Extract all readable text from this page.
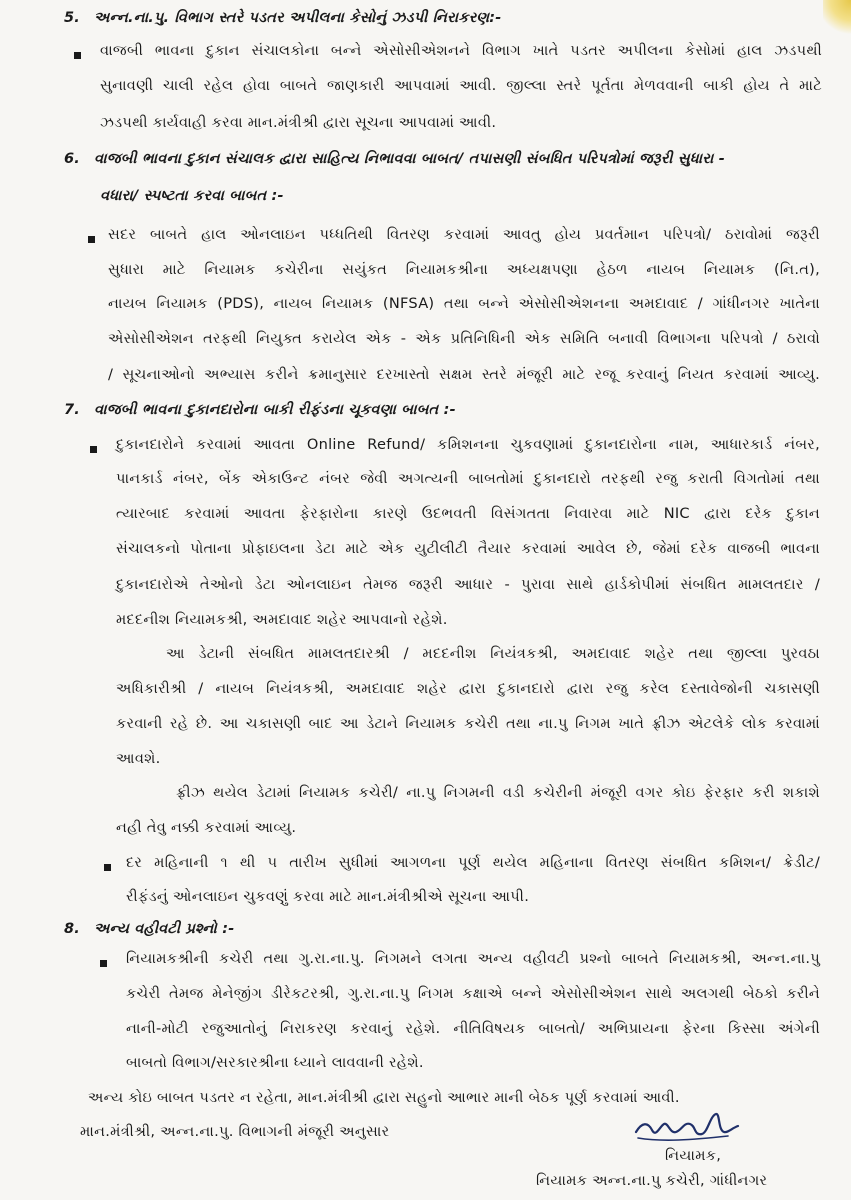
5. અન્ન.ના.પુ. વિભાગ સ્તરે પડતર અપીલના કેસોનું ઝડપી નિરાકરણ:-
વાજબી ભાવના દુકાન સંચાલકોના બન્ને એસોસીએશનને વિભાગ ખાતે પડતર અપીલના કેસોમાં હાલ ઝડપથી
સુનાવણી ચાલી રહેલ હોવા બાબતે જાણકારી આપવામાં આવી. જીલ્લા સ્તરે પૂર્તતા મેળવવાની બાકી હોય તે માટે
ઝડપથી કાર્યવાહી કરવા માન.મંત્રીશ્રી દ્વારા સૂચના આપવામાં આવી.
6. વાજબી ભાવના દુકાન સંચાલક દ્વારા સાહિત્ય નિભાવવા બાબત/ તપાસણી સંબધિત પરિપત્રોમાં જરૂરી સુધારા -
વધારા/ સ્પષ્ટતા કરવા બાબત :-
સદર બાબતે હાલ ઓનલાઇન પધ્ધતિથી વિતરણ કરવામાં આવતુ હોય પ્રવર્તમાન પરિપત્રો/ ઠરાવોમાં જરૂરી
સુધારા માટે નિયામક કચેરીના સયુંકત નિયામકશ્રીના અધ્યક્ષપણા હેઠળ નાયબ નિયામક (નિ.ત),
નાયબ નિયામક (PDS), નાયબ નિયામક (NFSA) તથા બન્ને એસોસીએશનના અમદાવાદ / ગાંધીનગર ખાતેના
એસોસીએશન તરફથી નિયુક્ત કરાયેલ એક - એક પ્રતિનિધિની એક સમિતિ બનાવી વિભાગના પરિપત્રો / ઠરાવો
/ સૂચનાઓનો અભ્યાસ કરીને ક્રમાનુસાર દરખાસ્તો સક્ષમ સ્તરે મંજૂરી માટે રજૂ કરવાનું નિયત કરવામાં આવ્યુ.
7. વાજબી ભાવના દુકાનદારોના બાકી રીફંડના ચૂકવણા બાબત :-
દુકાનદારોને કરવામાં આવતા Online Refund/ કમિશનના ચુકવણામાં દુકાનદારોના નામ, આધારકાર્ડ નંબર,
પાનકાર્ડ નંબર, બેંક એકાઉન્ટ નંબર જેવી અગત્યની બાબતોમાં દુકાનદારો તરફથી રજુ કરાતી વિગતોમાં તથા
ત્યારબાદ કરવામાં આવતા ફેરફારોના કારણે ઉદભવતી વિસંગતતા નિવારવા માટે NIC દ્વારા દરેક દુકાન
સંચાલકનો પોતાના પ્રોફાઇલના ડેટા માટે એક યુટીલીટી તૈયાર કરવામાં આવેલ છે, જેમાં દરેક વાજબી ભાવના
દુકાનદારોએ તેઓનો ડેટા ઓનલાઇન તેમજ જરૂરી આધાર - પુરાવા સાથે હાર્ડકોપીમાં સંબધિત મામલતદાર /
મદદનીશ નિયામકશ્રી, અમદાવાદ શહેર આપવાનો રહેશે.
આ ડેટાની સંબધિત મામલતદારશ્રી / મદદનીશ નિયંત્રકશ્રી, અમદાવાદ શહેર તથા જીલ્લા પુરવઠા
અધિકારીશ્રી / નાયબ નિયંત્રકશ્રી, અમદાવાદ શહેર દ્વારા દુકાનદારો દ્વારા રજુ કરેલ દસ્તાવેજોની ચકાસણી
કરવાની રહે છે. આ ચકાસણી બાદ આ ડેટાને નિયામક કચેરી તથા ના.પુ નિગમ ખાતે ફ્રીઝ એટલેકે લોક કરવામાં
આવશે.
ફ્રીઝ થયેલ ડેટામાં નિયામક કચેરી/ ના.પુ નિગમની વડી કચેરીની મંજૂરી વગર કોઇ ફેરફાર કરી શકાશે
નહી તેવુ નક્કી કરવામાં આવ્યુ.
દર મહિનાની ૧ થી ૫ તારીખ સુધીમાં આગળના પૂર્ણ થયેલ મહિનાના વિતરણ સંબધિત કમિશન/ ક્રેડીટ/
રીફંડનું ઓનલાઇન ચુકવણું કરવા માટે માન.મંત્રીશ્રીએ સૂચના આપી.
8. અન્ય વહીવટી પ્રશ્નો :-
નિયામકશ્રીની કચેરી તથા ગુ.રા.ના.પુ. નિગમને લગતા અન્ય વહીવટી પ્રશ્નો બાબતે નિયામકશ્રી, અન્ન.ના.પુ
કચેરી તેમજ મેનેજીંગ ડીરેકટરશ્રી, ગુ.રા.ના.પુ નિગમ કક્ષાએ બન્ને એસોસીએશન સાથે અલગથી બેઠકો કરીને
નાની-મોટી રજુઆતોનું નિરાકરણ કરવાનું રહેશે. નીતિવિષયક બાબતો/ અભિપ્રાયના ફેરના કિસ્સા અંગેની
બાબતો વિભાગ/સરકારશ્રીના ધ્યાને લાવવાની રહેશે.
અન્ય કોઇ બાબત પડતર ન રહેતા, માન.મંત્રીશ્રી દ્વારા સહુનો આભાર માની બેઠક પૂર્ણ કરવામાં આવી.
માન.મંત્રીશ્રી, અન્ન.ના.પુ. વિભાગની મંજૂરી અનુસાર
નિયામક,
નિયામક અન્ન.ના.પુ કચેરી, ગાંધીનગર
